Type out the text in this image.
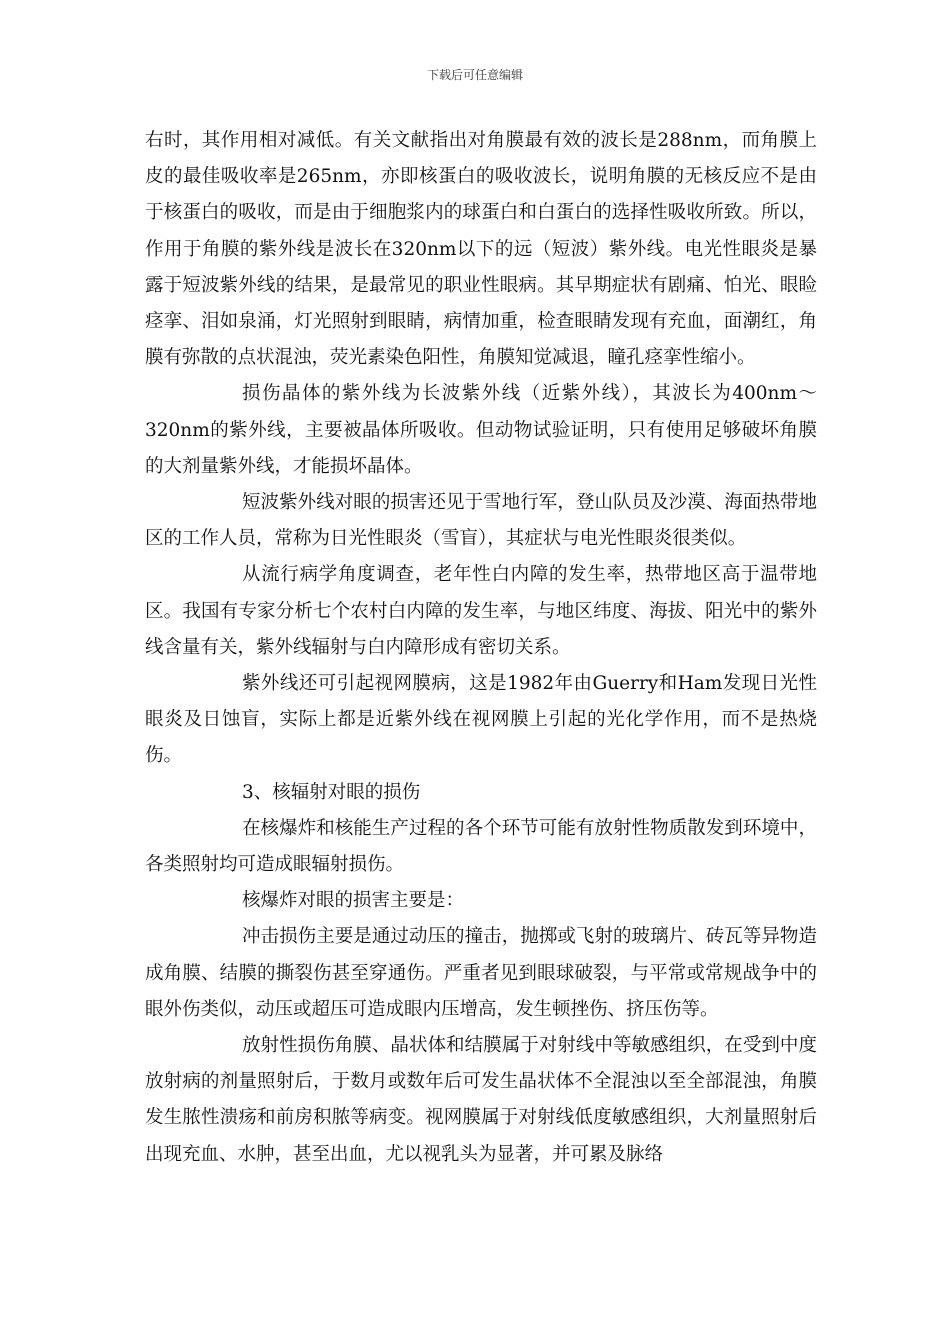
下载后可任意编辑

右时，其作用相对减低。有关文献指出对角膜最有效的波长是288nm，而角膜上皮的最佳吸收率是265nm，亦即核蛋白的吸收波长，说明角膜的无核反应不是由于核蛋白的吸收，而是由于细胞浆内的球蛋白和白蛋白的选择性吸收所致。所以，作用于角膜的紫外线是波长在320nm以下的远（短波）紫外线。电光性眼炎是暴露于短波紫外线的结果，是最常见的职业性眼病。其早期症状有剧痛、怕光、眼睑痉挛、泪如泉涌，灯光照射到眼睛，病情加重，检查眼睛发现有充血，面潮红，角膜有弥散的点状混浊，荧光素染色阳性，角膜知觉减退，瞳孔痉挛性缩小。

损伤晶体的紫外线为长波紫外线（近紫外线），其波长为400nm～320nm的紫外线，主要被晶体所吸收。但动物试验证明，只有使用足够破坏角膜的大剂量紫外线，才能损坏晶体。

短波紫外线对眼的损害还见于雪地行军，登山队员及沙漠、海面热带地区的工作人员，常称为日光性眼炎（雪盲），其症状与电光性眼炎很类似。

从流行病学角度调查，老年性白内障的发生率，热带地区高于温带地区。我国有专家分析七个农村白内障的发生率，与地区纬度、海拔、阳光中的紫外线含量有关，紫外线辐射与白内障形成有密切关系。

紫外线还可引起视网膜病，这是1982年由Guerry和Ham发现日光性眼炎及日蚀盲，实际上都是近紫外线在视网膜上引起的光化学作用，而不是热烧伤。

3、核辐射对眼的损伤

在核爆炸和核能生产过程的各个环节可能有放射性物质散发到环境中，各类照射均可造成眼辐射损伤。

核爆炸对眼的损害主要是：

冲击损伤主要是通过动压的撞击，抛掷或飞射的玻璃片、砖瓦等异物造成角膜、结膜的撕裂伤甚至穿通伤。严重者见到眼球破裂，与平常或常规战争中的眼外伤类似，动压或超压可造成眼内压增高，发生顿挫伤、挤压伤等。

放射性损伤角膜、晶状体和结膜属于对射线中等敏感组织，在受到中度放射病的剂量照射后，于数月或数年后可发生晶状体不全混浊以至全部混浊，角膜发生脓性溃疡和前房积脓等病变。视网膜属于对射线低度敏感组织，大剂量照射后出现充血、水肿，甚至出血，尤以视乳头为显著，并可累及脉络
